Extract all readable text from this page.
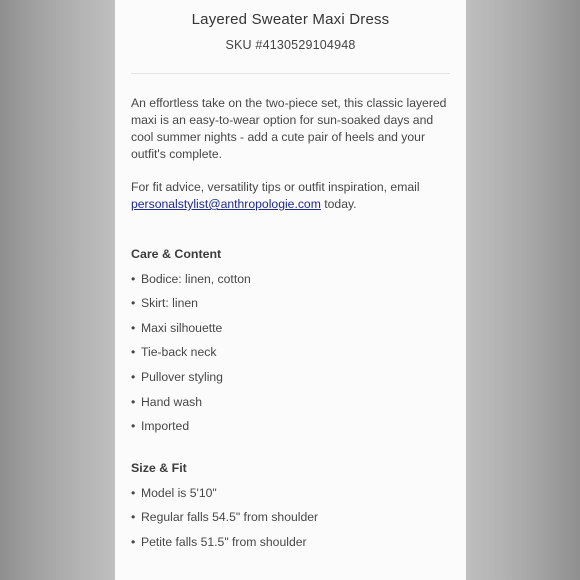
Layered Sweater Maxi Dress
SKU #4130529104948
An effortless take on the two-piece set, this classic layered maxi is an easy-to-wear option for sun-soaked days and cool summer nights - add a cute pair of heels and your outfit's complete.
For fit advice, versatility tips or outfit inspiration, email personalstylist@anthropologie.com today.
Care & Content
• Bodice: linen, cotton
• Skirt: linen
• Maxi silhouette
• Tie-back neck
• Pullover styling
• Hand wash
• Imported
Size & Fit
• Model is 5'10"
• Regular falls 54.5" from shoulder
• Petite falls 51.5" from shoulder
